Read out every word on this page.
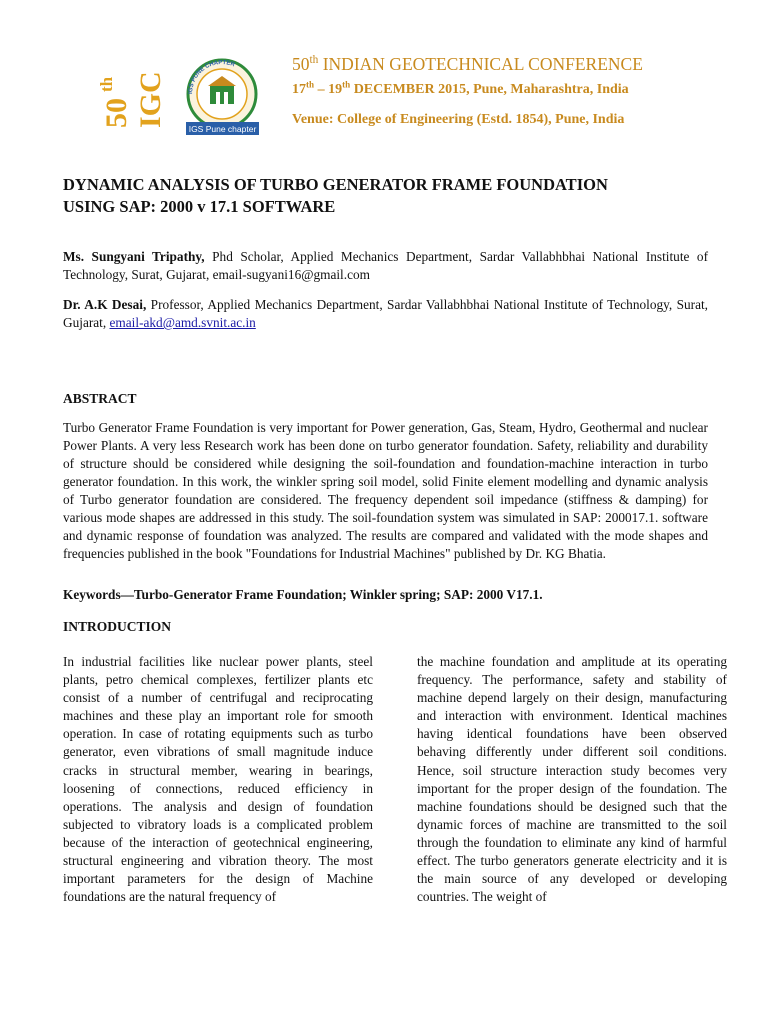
50
th IGC	IGS PUNE CHAPTER
IGS Pune chapter
50th INDIAN GEOTECHNICAL CONFERENCE
17th – 19th DECEMBER 2015, Pune, Maharashtra, India
Venue: College of Engineering (Estd. 1854), Pune, India
DYNAMIC ANALYSIS OF TURBO GENERATOR FRAME FOUNDATION
USING SAP: 2000 v 17.1 SOFTWARE
Ms. Sungyani Tripathy, Phd Scholar, Applied Mechanics Department, Sardar Vallabhbhai National Institute of Technology, Surat, Gujarat, email-sugyani16@gmail.com
Dr. A.K Desai, Professor, Applied Mechanics Department, Sardar Vallabhbhai National Institute of Technology, Surat, Gujarat, email-akd@amd.svnit.ac.in
ABSTRACT
Turbo Generator Frame Foundation is very important for Power generation, Gas, Steam, Hydro, Geothermal and nuclear Power Plants. A very less Research work has been done on turbo generator foundation. Safety, reliability and durability of structure should be considered while designing the soil-foundation and foundation-machine interaction in turbo generator foundation. In this work, the winkler spring soil model, solid Finite element modelling and dynamic analysis of Turbo generator foundation are considered. The frequency dependent soil impedance (stiffness & damping) for various mode shapes are addressed in this study. The soil-foundation system was simulated in SAP: 200017.1. software and dynamic response of foundation was analyzed. The results are compared and validated with the mode shapes and frequencies published in the book "Foundations for Industrial Machines" published by Dr. KG Bhatia.
Keywords—Turbo-Generator Frame Foundation; Winkler spring; SAP: 2000 V17.1.
INTRODUCTION
In industrial facilities like nuclear power plants, steel plants, petro chemical complexes, fertilizer plants etc consist of a number of centrifugal and reciprocating machines and these play an important role for smooth operation. In case of rotating equipments such as turbo generator, even vibrations of small magnitude induce cracks in structural member, wearing in bearings, loosening of connections, reduced efficiency in operations. The analysis and design of foundation subjected to vibratory loads is a complicated problem because of the interaction of geotechnical engineering, structural engineering and vibration theory. The most important parameters for the design of Machine foundations are the natural frequency of
the machine foundation and amplitude at its operating frequency. The performance, safety and stability of machine depend largely on their design, manufacturing and interaction with environment. Identical machines having identical foundations have been observed behaving differently under different soil conditions. Hence, soil structure interaction study becomes very important for the proper design of the foundation. The machine foundations should be designed such that the dynamic forces of machine are transmitted to the soil through the foundation to eliminate any kind of harmful effect. The turbo generators generate electricity and it is the main source of any developed or developing countries. The weight of
